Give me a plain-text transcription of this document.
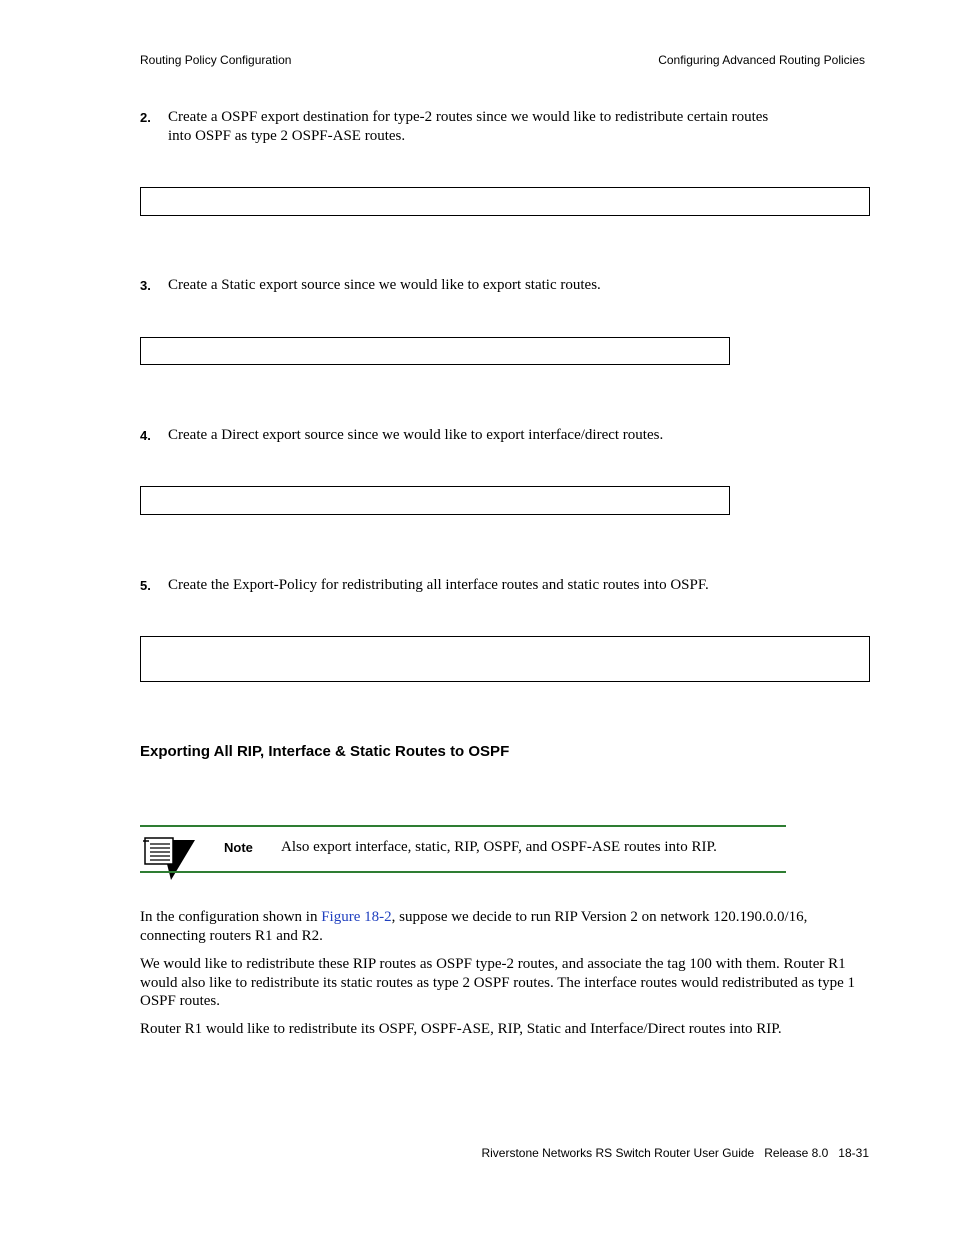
Routing Policy Configuration	Configuring Advanced Routing Policies
2. Create a OSPF export destination for type-2 routes since we would like to redistribute certain routes
into OSPF as type 2 OSPF-ASE routes.
3. Create a Static export source since we would like to export static routes.
4. Create a Direct export source since we would like to export interface/direct routes.
5. Create the Export-Policy for redistributing all interface routes and static routes into OSPF.
Exporting All RIP, Interface & Static Routes to OSPF
Note Also export interface, static, RIP, OSPF, and OSPF-ASE routes into RIP.
In the configuration shown in Figure 18-2, suppose we decide to run RIP Version 2 on network 120.190.0.0/16, connecting routers R1 and R2.
We would like to redistribute these RIP routes as OSPF type-2 routes, and associate the tag 100 with them. Router R1 would also like to redistribute its static routes as type 2 OSPF routes. The interface routes would redistributed as type 1 OSPF routes.
Router R1 would like to redistribute its OSPF, OSPF-ASE, RIP, Static and Interface/Direct routes into RIP.
Riverstone Networks RS Switch Router User Guide Release 8.0 18-31
